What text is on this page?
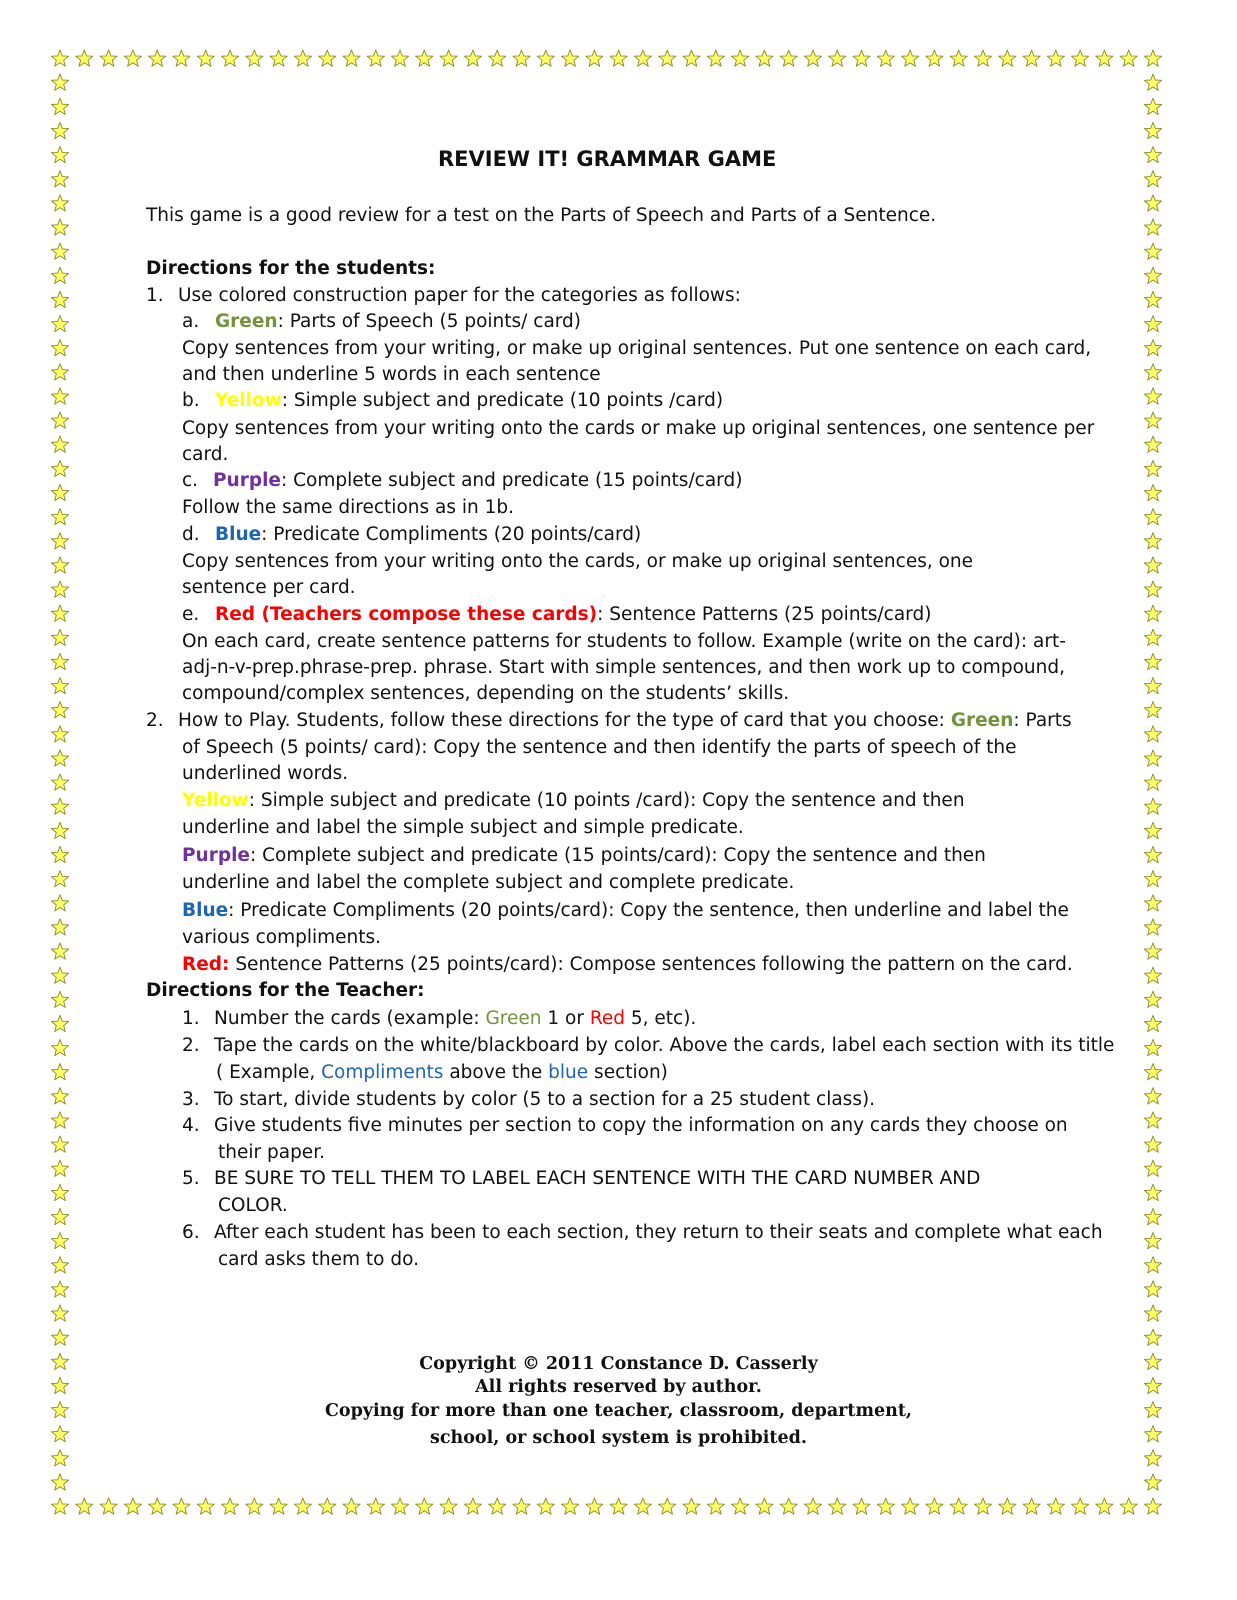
REVIEW IT! GRAMMAR GAME
This game is a good review for a test on the Parts of Speech and Parts of a Sentence.
Directions for the students:
1. Use colored construction paper for the categories as follows:
a. Green: Parts of Speech (5 points/ card)
Copy sentences from your writing, or make up original sentences. Put one sentence on each card,
and then underline 5 words in each sentence
b. Yellow: Simple subject and predicate (10 points /card)
Copy sentences from your writing onto the cards or make up original sentences, one sentence per
card.
c. Purple: Complete subject and predicate (15 points/card)
Follow the same directions as in 1b.
d. Blue: Predicate Compliments (20 points/card)
Copy sentences from your writing onto the cards, or make up original sentences, one
sentence per card.
e. Red (Teachers compose these cards): Sentence Patterns (25 points/card)
On each card, create sentence patterns for students to follow. Example (write on the card): art-
adj-n-v-prep.phrase-prep. phrase. Start with simple sentences, and then work up to compound,
compound/complex sentences, depending on the students’ skills.
2. How to Play. Students, follow these directions for the type of card that you choose: Green: Parts
of Speech (5 points/ card): Copy the sentence and then identify the parts of speech of the
underlined words.
Yellow: Simple subject and predicate (10 points /card): Copy the sentence and then
underline and label the simple subject and simple predicate.
Purple: Complete subject and predicate (15 points/card): Copy the sentence and then
underline and label the complete subject and complete predicate.
Blue: Predicate Compliments (20 points/card): Copy the sentence, then underline and label the
various compliments.
Red: Sentence Patterns (25 points/card): Compose sentences following the pattern on the card.
Directions for the Teacher:
1. Number the cards (example: Green 1 or Red 5, etc).
2. Tape the cards on the white/blackboard by color. Above the cards, label each section with its title
( Example, Compliments above the blue section)
3. To start, divide students by color (5 to a section for a 25 student class).
4. Give students five minutes per section to copy the information on any cards they choose on
their paper.
5. BE SURE TO TELL THEM TO LABEL EACH SENTENCE WITH THE CARD NUMBER AND
COLOR.
6. After each student has been to each section, they return to their seats and complete what each
card asks them to do.
Copyright © 2011 Constance D. Casserly
All rights reserved by author.
Copying for more than one teacher, classroom, department,
school, or school system is prohibited.
